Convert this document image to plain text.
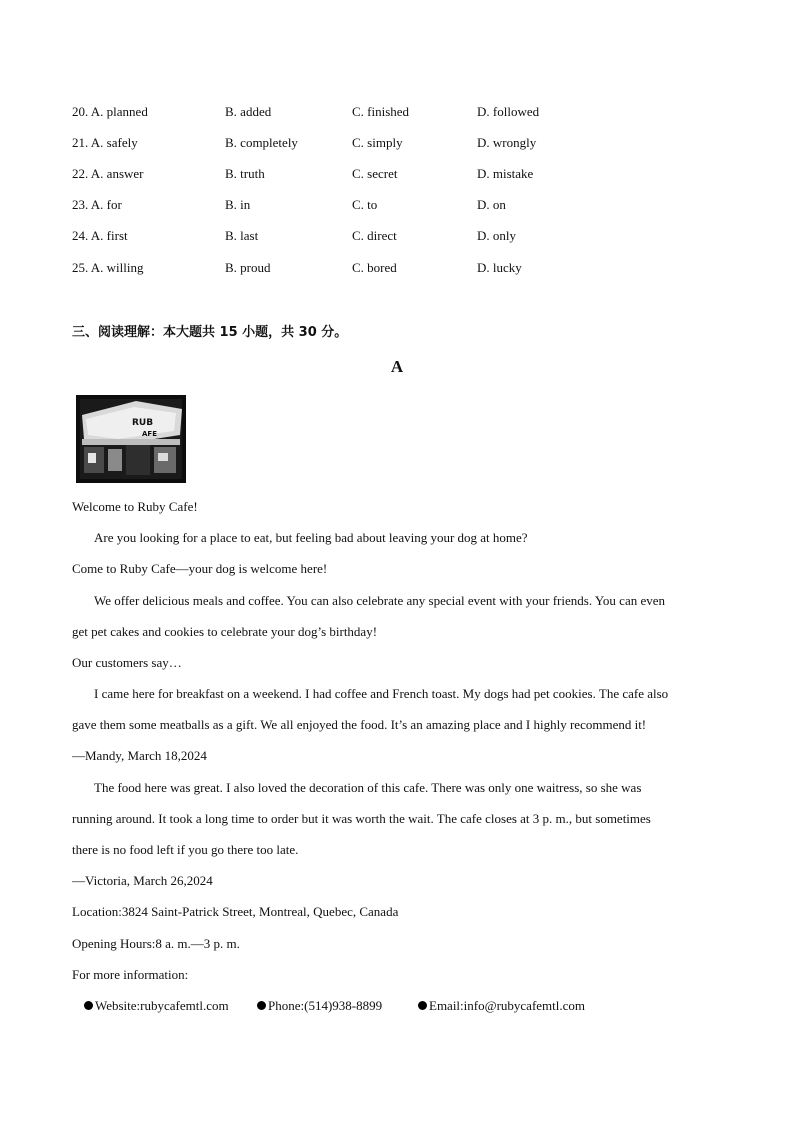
20. A. planned	B. added	C. finished	D. followed
21. A. safely	B. completely	C. simply	D. wrongly
22. A. answer	B. truth	C. secret	D. mistake
23. A. for	B. in	C. to	D. on
24. A. first	B. last	C. direct	D. only
25. A. willing	B. proud	C. bored	D. lucky
三、阅读理解：本大题共 15 小题，共 30 分。
A
RUB
AFE
Welcome to Ruby Cafe!
Are you looking for a place to eat, but feeling bad about leaving your dog at home?
Come to Ruby Cafe—your dog is welcome here!
We offer delicious meals and coffee. You can also celebrate any special event with your friends. You can even
get pet cakes and cookies to celebrate your dog’s birthday!
Our customers say…
I came here for breakfast on a weekend. I had coffee and French toast. My dogs had pet cookies. The cafe also
gave them some meatballs as a gift. We all enjoyed the food. It’s an amazing place and I highly recommend it!
—Mandy, March 18,2024
The food here was great. I also loved the decoration of this cafe. There was only one waitress, so she was
running around. It took a long time to order but it was worth the wait. The cafe closes at 3 p. m., but sometimes
there is no food left if you go there too late.
—Victoria, March 26,2024
Location:3824 Saint-Patrick Street, Montreal, Quebec, Canada
Opening Hours:8 a. m.—3 p. m.
For more information:
Website:rubycafemtl.com	Phone:(514)938-8899	Email:info@rubycafemtl.com
